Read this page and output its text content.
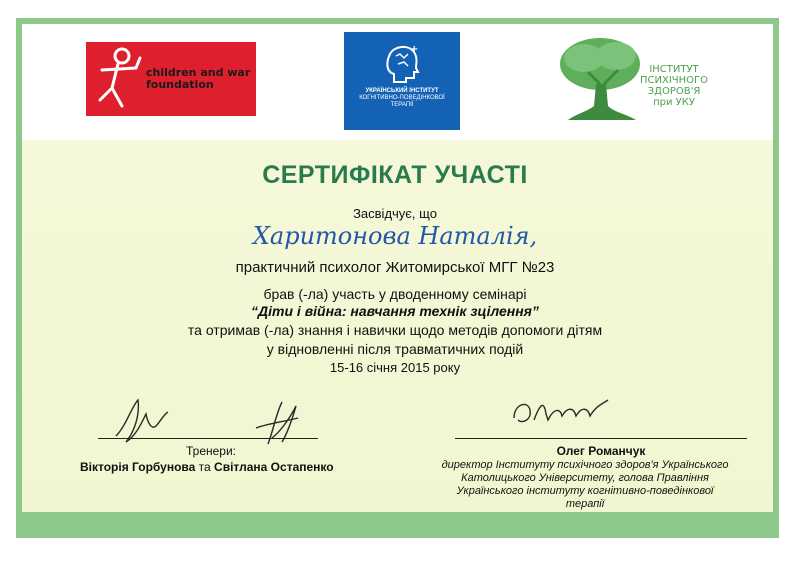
children and war
foundation
+
УКРАЇНСЬКИЙ ІНСТИТУТ
КОГНІТИВНО-ПОВЕДІНКОВОЇ
ТЕРАПІЇ
ІНСТИТУТ
ПСИХІЧНОГО
ЗДОРОВ'Я
при УКУ
СЕРТИФІКАТ УЧАСТІ
Засвідчує, що
Харитонова Наталія,
практичний психолог Житомирської МГГ №23
брав (-ла) участь у дводенному семінарі
“Діти і війна: навчання технік зцілення”
та отримав (-ла) знання і навички щодо методів допомоги дітям
у відновленні після травматичних подій
15-16 січня 2015 року
Тренери:
Вікторія Горбунова та Світлана Остапенко
Олег Романчук
директор Інституту психічного здоров'я Українського
Католицького Університету, голова Правління
Українського інституту когнітивно-поведінкової
терапії
